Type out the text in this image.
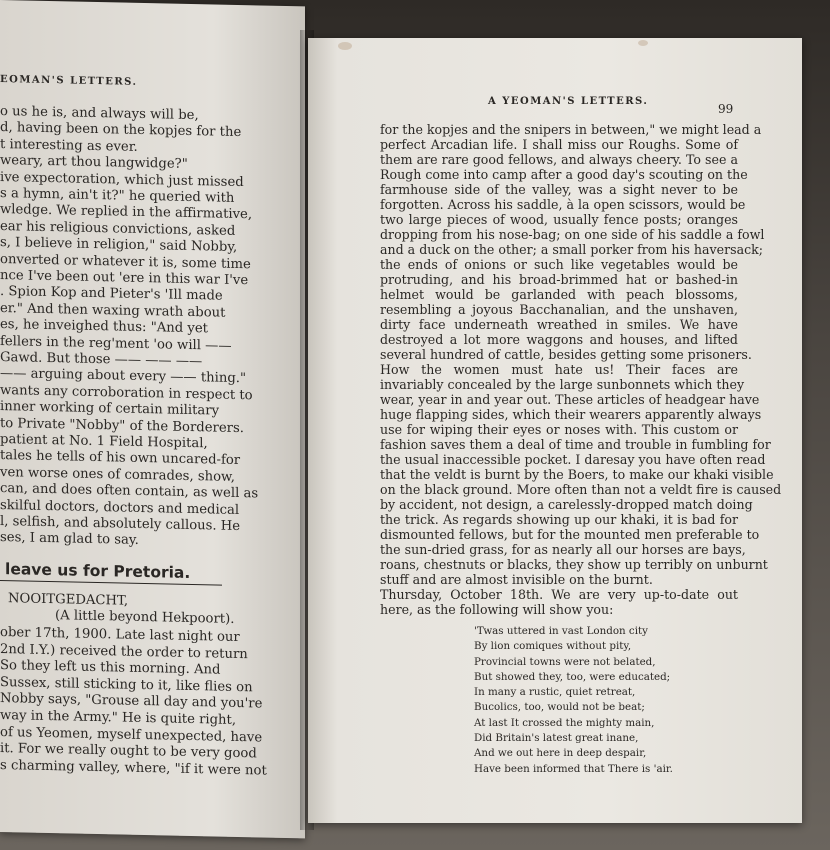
EOMAN'S LETTERS.
o us he is, and always will be,
d, having been on the kopjes for the
t interesting as ever.
weary, art thou langwidge?"
ive expectoration, which just missed
s a hymn, ain't it?" he queried with
wledge. We replied in the affirmative,
ear his religious convictions, asked
s, I believe in religion," said Nobby,
onverted or whatever it is, some time
nce I've been out 'ere in this war I've
. Spion Kop and Pieter's 'Ill made
er." And then waxing wrath about
es, he inveighed thus: "And yet
fellers in the reg'ment 'oo will ——
Gawd. But those —— —— ——
—— arguing about every —— thing."
wants any corroboration in respect to
inner working of certain military
to Private "Nobby" of the Borderers.
patient at No. 1 Field Hospital,
tales he tells of his own uncared-for
ven worse ones of comrades, show,
can, and does often contain, as well as
skilful doctors, doctors and medical
l, selfish, and absolutely callous. He
ses, I am glad to say.
leave us for Pretoria.
NOOITGEDACHT,
(A little beyond Hekpoort).
ober 17th, 1900. Late last night our
2nd I.Y.) received the order to return
So they left us this morning. And
Sussex, still sticking to it, like flies on
Nobby says, "Grouse all day and you're
way in the Army." He is quite right,
of us Yeomen, myself unexpected, have
it. For we really ought to be very good
s charming valley, where, "if it were not
A YEOMAN'S LETTERS.
99
for the kopjes and the snipers in between," we might lead a
perfect Arcadian life. I shall miss our Roughs. Some of
them are rare good fellows, and always cheery. To see a
Rough come into camp after a good day's scouting on the
farmhouse side of the valley, was a sight never to be
forgotten. Across his saddle, à la open scissors, would be
two large pieces of wood, usually fence posts; oranges
dropping from his nose-bag; on one side of his saddle a fowl
and a duck on the other; a small porker from his haversack;
the ends of onions or such like vegetables would be
protruding, and his broad-brimmed hat or bashed-in
helmet would be garlanded with peach blossoms,
resembling a joyous Bacchanalian, and the unshaven,
dirty face underneath wreathed in smiles. We have
destroyed a lot more waggons and houses, and lifted
several hundred of cattle, besides getting some prisoners.
How the women must hate us! Their faces are
invariably concealed by the large sunbonnets which they
wear, year in and year out. These articles of headgear have
huge flapping sides, which their wearers apparently always
use for wiping their eyes or noses with. This custom or
fashion saves them a deal of time and trouble in fumbling for
the usual inaccessible pocket. I daresay you have often read
that the veldt is burnt by the Boers, to make our khaki visible
on the black ground. More often than not a veldt fire is caused
by accident, not design, a carelessly-dropped match doing
the trick. As regards showing up our khaki, it is bad for
dismounted fellows, but for the mounted men preferable to
the sun-dried grass, for as nearly all our horses are bays,
roans, chestnuts or blacks, they show up terribly on unburnt
stuff and are almost invisible on the burnt.
Thursday, October 18th. We are very up-to-date out
here, as the following will show you:
'Twas uttered in vast London city
By lion comiques without pity,
Provincial towns were not belated,
But showed they, too, were educated;
In many a rustic, quiet retreat,
Bucolics, too, would not be beat;
At last It crossed the mighty main,
Did Britain's latest great inane,
And we out here in deep despair,
Have been informed that There is 'air.
